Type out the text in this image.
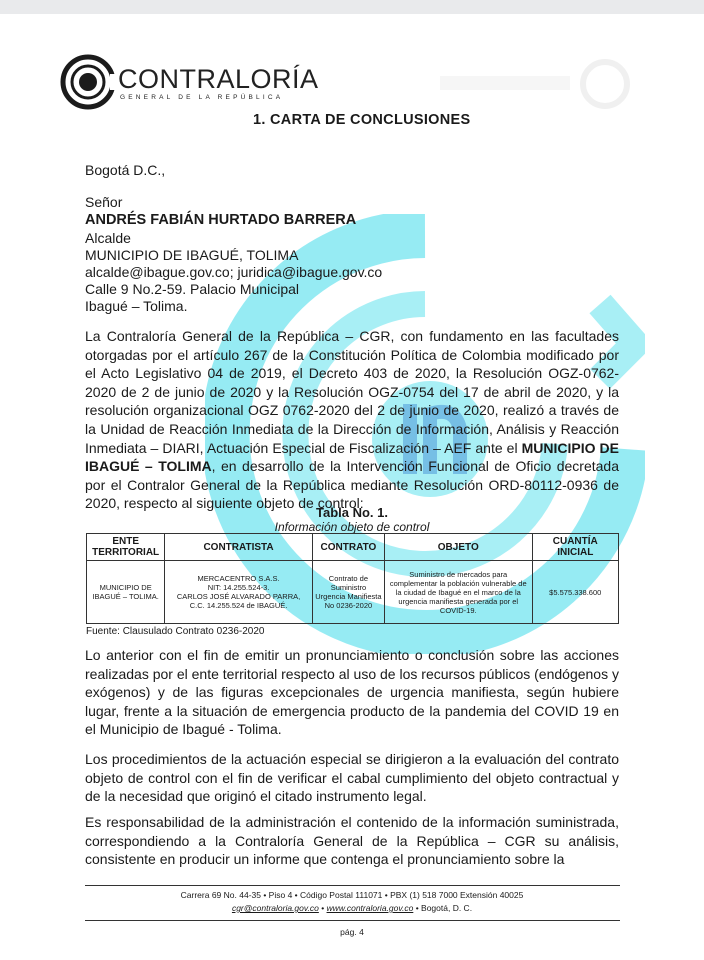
CONTRALORÍA
GENERAL DE LA REPÚBLICA
1. CARTA DE CONCLUSIONES
Bogotá D.C.,
Señor
ANDRÉS FABIÁN HURTADO BARRERA
Alcalde
MUNICIPIO DE IBAGUÉ, TOLIMA
alcalde@ibague.gov.co; juridica@ibague.gov.co
Calle 9 No.2-59. Palacio Municipal
Ibagué – Tolima.

La Contraloría General de la República – CGR, con fundamento en las facultades otorgadas por el artículo 267 de la Constitución Política de Colombia modificado por el Acto Legislativo 04 de 2019, el Decreto 403 de 2020, la Resolución OGZ-0762-2020 de 2 de junio de 2020 y la Resolución OGZ-0754 del 17 de abril de 2020, y la resolución organizacional OGZ 0762-2020 del 2 de junio de 2020, realizó a través de la Unidad de Reacción Inmediata de la Dirección de Información, Análisis y Reacción Inmediata – DIARI, Actuación Especial de Fiscalización – AEF ante el MUNICIPIO DE IBAGUÉ – TOLIMA, en desarrollo de la Intervención Funcional de Oficio decretada por el Contralor General de la República mediante Resolución ORD-80112-0936 de 2020, respecto al siguiente objeto de control:

Tabla No. 1.
Información objeto de control
ENTE TERRITORIAL	CONTRATISTA	CONTRATO	OBJETO	CUANTÍA INICIAL
MUNICIPIO DE IBAGUÉ – TOLIMA.	MERCACENTRO S.A.S.
NIT: 14.255.524-3.
CARLOS JOSÉ ALVARADO PARRA,
C.C. 14.255.524 de IBAGUÉ.	Contrato de Suministro Urgencia Manifiesta No 0236-2020	Suministro de mercados para complementar la población vulnerable de la ciudad de Ibagué en el marco de la urgencia manifiesta generada por el COVID-19.	$5.575.338.600
Fuente: Clausulado Contrato 0236-2020

Lo anterior con el fin de emitir un pronunciamiento o conclusión sobre las acciones realizadas por el ente territorial respecto al uso de los recursos públicos (endógenos y exógenos) y de las figuras excepcionales de urgencia manifiesta, según hubiere lugar, frente a la situación de emergencia producto de la pandemia del COVID 19 en el Municipio de Ibagué - Tolima.

Los procedimientos de la actuación especial se dirigieron a la evaluación del contrato objeto de control con el fin de verificar el cabal cumplimiento del objeto contractual y de la necesidad que originó el citado instrumento legal.

Es responsabilidad de la administración el contenido de la información suministrada, correspondiendo a la Contraloría General de la República – CGR su análisis, consistente en producir un informe que contenga el pronunciamiento sobre la

Carrera 69 No. 44-35 • Piso 4 • Código Postal 111071 • PBX (1) 518 7000 Extensión 40025
cgr@contraloria.gov.co • www.contraloria.gov.co • Bogotá, D. C.
pág. 4
